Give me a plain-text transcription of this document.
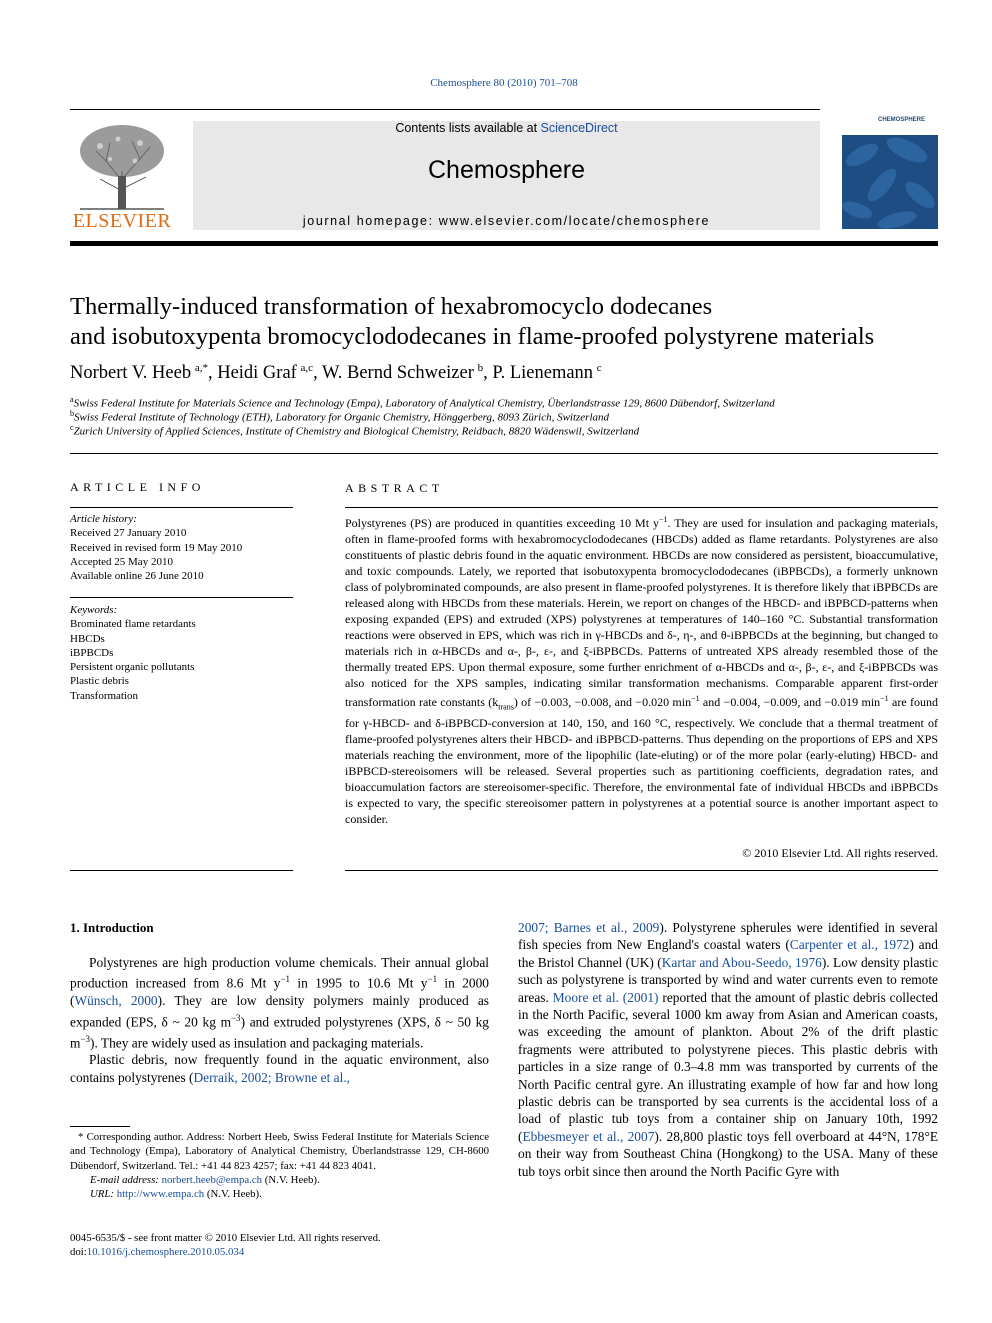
Chemosphere 80 (2010) 701–708
ELSEVIER
Contents lists available at ScienceDirect
Chemosphere
journal homepage: www.elsevier.com/locate/chemosphere
CHEMOSPHERE
Thermally-induced transformation of hexabromocyclo dodecanes
and isobutoxypenta bromocyclododecanes in flame-proofed polystyrene materials
Norbert V. Heeb  $^{a,*}$, Heidi Graf  $^{a,c}$, W. Bernd Schweizer  $^b$, P. Lienemann  $^c$
$^a$Swiss Federal Institute for Materials Science and Technology (Empa), Laboratory of Analytical Chemistry, Überlandstrasse 129, 8600 Dübendorf, Switzerland
$^b$Swiss Federal Institute of Technology (ETH), Laboratory for Organic Chemistry, Hönggerberg, 8093 Zürich, Switzerland
$^c$Zurich University of Applied Sciences, Institute of Chemistry and Biological Chemistry, Reidbach, 8820 Wädenswil, Switzerland
ARTICLE INFO	ABSTRACT
Article history:
Received 27 January 2010
Received in revised form 19 May 2010
Accepted 25 May 2010
Available online 26 June 2010
Keywords:
Brominated flame retardants
HBCDs
iBPBCDs
Persistent organic pollutants
Plastic debris
Transformation
Polystyrenes (PS) are produced in quantities exceeding 10 Mt $y^{-1}$. They are used for insulation and packaging materials, often in flame-proofed forms with hexabromocyclododecanes (HBCDs) added as flame retardants. Polystyrenes are also constituents of plastic debris found in the aquatic environment. HBCDs are now considered as persistent, bioaccumulative, and toxic compounds. Lately, we reported that isobutoxypenta bromocyclododecanes (iBPBCDs), a formerly unknown class of polybrominated compounds, are also present in flame-proofed polystyrenes. It is therefore likely that iBPBCDs are released along with HBCDs from these materials. Herein, we report on changes of the HBCD- and iBPBCD-patterns when exposing expanded (EPS) and extruded (XPS) polystyrenes at temperatures of 140–160 °C. Substantial transformation reactions were observed in EPS, which was rich in γ-HBCDs and δ-, η-, and θ-iBPBCDs at the beginning, but changed to materials rich in α-HBCDs and α-, β-, ε-, and ξ-iBPBCDs. Patterns of untreated XPS already resembled those of the thermally treated EPS. Upon thermal exposure, some further enrichment of α-HBCDs and α-, β-, ε-, and ξ-iBPBCDs was also noticed for the XPS samples, indicating similar transformation mechanisms. Comparable apparent first-order transformation rate constants $(k_{trans})$ of −0.003, −0.008, and −0.020 $\min^{-1}$ and −0.004, −0.009, and −0.019 $\min^{-1}$ are found for γ-HBCD- and δ-iBPBCD-conversion at 140, 150, and 160 °C, respectively. We conclude that a thermal treatment of flame-proofed polystyrenes alters their HBCD- and iBPBCD-patterns. Thus depending on the proportions of EPS and XPS materials reaching the environment, more of the lipophilic (late-eluting) or of the more polar (early-eluting) HBCD- and iBPBCD-stereoisomers will be released. Several properties such as partitioning coefficients, degradation rates, and bioaccumulation factors are stereoisomer-specific. Therefore, the environmental fate of individual HBCDs and iBPBCDs is expected to vary, the specific stereoisomer pattern in polystyrenes at a potential source is another important aspect to consider.
© 2010 Elsevier Ltd. All rights reserved.
1. Introduction

Polystyrenes are high production volume chemicals. Their annual global production increased from 8.6 Mt $y^{-1}$ in 1995 to 10.6 Mt $y^{-1}$ in 2000 (Wünsch, 2000). They are low density polymers mainly produced as expanded (EPS, δ ~ 20 kg $m^{-3}$) and extruded polystyrenes (XPS, δ ~ 50 kg $m^{-3}$). They are widely used as insulation and packaging materials.

Plastic debris, now frequently found in the aquatic environment, also contains polystyrenes (Derraik, 2002; Browne et al.,

2007; Barnes et al., 2009). Polystyrene spherules were identified in several fish species from New England's coastal waters (Carpenter et al., 1972) and the Bristol Channel (UK) (Kartar and Abou-Seedo, 1976). Low density plastic such as polystyrene is transported by wind and water currents even to remote areas. Moore et al. (2001) reported that the amount of plastic debris collected in the North Pacific, several 1000 km away from Asian and American coasts, was exceeding the amount of plankton. About 2% of the drift plastic fragments were attributed to polystyrene pieces. This plastic debris with particles in a size range of 0.3–4.8 mm was transported by currents of the North Pacific central gyre. An illustrating example of how far and how long plastic debris can be transported by sea currents is the accidental loss of a load of plastic tub toys from a container ship on January 10th, 1992 (Ebbesmeyer et al., 2007). 28,800 plastic toys fell overboard at 44°N, 178°E on their way from Southeast China (Hongkong) to the USA. Many of these tub toys orbit since then around the North Pacific Gyre with

* Corresponding author. Address: Norbert Heeb, Swiss Federal Institute for Materials Science and Technology (Empa), Laboratory of Analytical Chemistry, Überlandstrasse 129, CH-8600 Dübendorf, Switzerland. Tel.: +41 44 823 4257; fax: +41 44 823 4041.
E-mail address: norbert.heeb@empa.ch (N.V. Heeb).
URL: http://www.empa.ch (N.V. Heeb).
0045-6535/$ - see front matter © 2010 Elsevier Ltd. All rights reserved.
doi:10.1016/j.chemosphere.2010.05.034
